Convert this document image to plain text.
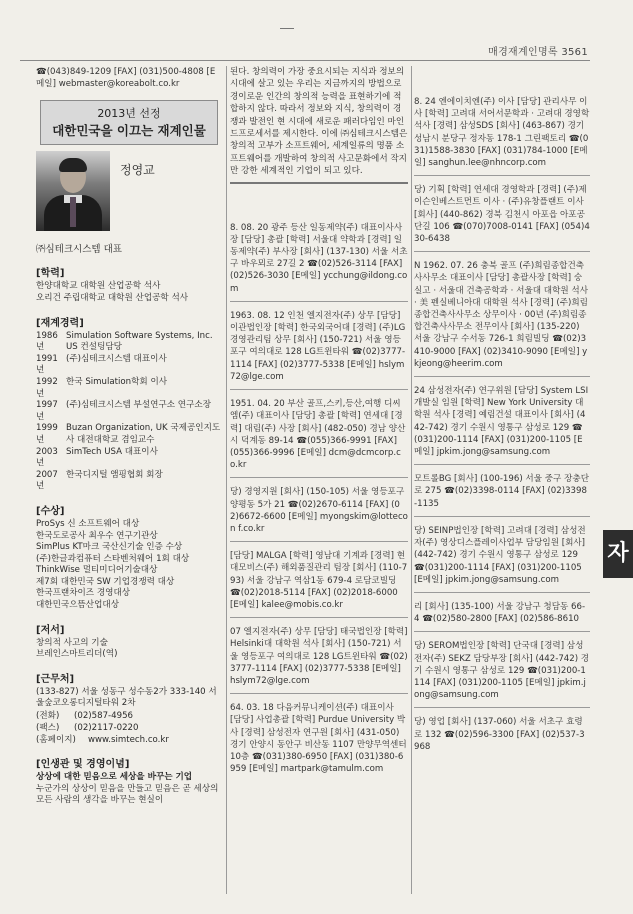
매경재계인명록 3561

☎(043)849-1209 [FAX] (031)500-4808 [E메일] webmaster@koreabolt.co.kr

2013년 선정
대한민국을 이끄는 재계인물
정영교
㈜심테크시스템 대표
[학력]

한양대학교 대학원 산업공학 석사

오리건 주립대학교 대학원 산업공학 석사

[재계경력]
1986년
Simulation Software Systems, Inc. US 컨설팅담당
1991년
(주)심테크시스템 대표이사
1992년
한국 Simulation학회 이사
1997년
(주)심테크시스템 부설연구소 연구소장
1999년
Buzan Organization, UK 국제공인지도사 대전대학교 겸임교수
2003년
SimTech USA 대표이사
2007년
한국디지털 앰핑협회 회장
[수상]

ProSys 신 소프트웨어 대상

한국도로공사 최우수 연구기관상

SimPlus KT마크 국산신기술 인증 수상

(주)한글과컴퓨터 스타벤처웨어 1회 대상

ThinkWise 멀티미디어기술대상

제7회 대한민국 SW 기업경쟁력 대상

한국프랜차이즈 경영대상

대한민국으뜸산업대상

[저서]

창의적 사고의 기술

브레인스마트리더(역)

[근무처]

(133-827) 서울 성동구 성수동2가 333-140 서울숲코오롱디지털타워 2차

(전화)	(02)587-4956
(팩스)	(02)2117-0220
(홈페이지)	www.simtech.co.kr
[인생관 및 경영이념]

상상에 대한 믿음으로 세상을 바꾸는 기업

누군가의 상상이 믿음을 만들고 믿음은 곧 세상의 모든 사람의 생각을 바꾸는 현실이

된다. 창의력이 가장 중요시되는 지식과 정보의 시대에 살고 있는 우리는 지금까지의 방법으로 경이로운 인간의 창의적 능력을 표현하기에 적합하지 않다. 따라서 정보와 지식, 창의력이 경쟁과 발전인 현 시대에 새로운 패러다임인 마인드프로세서를 제시한다. 이에 ㈜심테크시스템은 창의적 고부가 소프트웨어, 세계일류의 명품 소프트웨어를 개발하여 창의적 사고문화에서 작지만 강한 세계적인 기업이 되고 있다.

8. 08. 20 광주 등산 일동제약(주) 대표이사사장 [담당] 총괄 [학력] 서울대 약학과 [경력] 일동제약(주) 부사장 [회사] (137-130) 서울 서초구 바우뫼로 27길 2 ☎(02)526-3114 [FAX] (02)526-3030 [E메일] ycchung@ildong.com

1963. 08. 12 인천 엘지전자(주) 상무 [담당] 이관법인장 [학력] 한국외국어대 [경력] (주)LG경영관리팀 상무 [회사] (150-721) 서울 영등포구 여의대로 128 LG트윈타워 ☎(02)3777-1114 [FAX] (02)3777-5338 [E메일] hslym72@lge.com

1951. 04. 20 부산 골프,스키,등산,여행 디씨엠(주) 대표이사 [담당] 총괄 [학력] 연세대 [경력] 대림(주) 사장 [회사] (482-050) 경남 양산시 덕계동 89-14 ☎(055)366-9991 [FAX] (055)366-9996 [E메일] dcm@dcmcorp.co.kr

당) 경영지원 [회사] (150-105) 서울 영등포구 양평동 5가 21 ☎(02)2670-6114 [FAX] (02)6672-6600 [E메일] myongskim@lottecon f.co.kr

[담당] MALGA [학력] 영남대 기계과 [경력] 현대모비스(주) 해외품질관리 팀장 [회사] (110-793) 서울 강남구 역삼1동 679-4 로담코빌딩 ☎(02)2018-5114 [FAX] (02)2018-6000 [E메일] kalee@mobis.co.kr

07 엘지전자(주) 상무 [담당] 태국법인장 [학력] Helsinki대 대학원 석사 [회사] (150-721) 서울 영등포구 여의대로 128 LG트윈타워 ☎(02)3777-1114 [FAX] (02)3777-5338 [E메일] hslym72@lge.com

64. 03. 18 다음커뮤니케이션(주) 대표이사 [담당] 사업총괄 [학력] Purdue University 박사 [경력] 삼성전자 연구원 [회사] (431-050) 경기 안양시 동안구 비산동 1107 만양무역센터 10층 ☎(031)380-6950 [FAX] (031)380-6959 [E메일] martpark@tamulm.com

8. 24 엔에이치엔(주) 이사 [담당] 관리사무 이사 [학력] 고려대 서어서문학과 · 고려대 경영학 석사 [경력] 삼성SDS [회사] (463-867) 경기 성남시 분당구 정자동 178-1 그린팩토리 ☎(031)1588-3830 [FAX] (031)784-1000 [E메일] sanghun.lee@nhncorp.com

당) 기획 [학력] 연세대 경영학과 [경력] (주)제이슨인베스트먼트 이사 · (주)유창플랜트 이사 [회사] (440-862) 경북 김천시 아포읍 아포공단길 106 ☎(070)7008-0141 [FAX] (054)430-6438

N 1962. 07. 26 충북 골프 (주)희림종합건축사사무소 대표이사 [담당] 총괄사장 [학력] 숭실고 · 서울대 건축공학과 · 서울대 대학원 석사 · 美 펜실베니아대 대학원 석사 [경력] (주)희림종합건축사사무소 상무이사 · 00년 (주)희림종합건축사사무소 전무이사 [회사] (135-220) 서울 강남구 수서동 726-1 희림빌딩 ☎(02)3410-9000 [FAX] (02)3410-9090 [E메일] ykjeong@heerim.com

24 삼성전자(주) 연구위원 [담당] System LSI 개발실 임원 [학력] New York University 대학원 석사 [경력] 예림건설 대표이사 [회사] (442-742) 경기 수원시 영통구 삼성로 129 ☎(031)200-1114 [FAX] (031)200-1105 [E메일] jpkim.jong@samsung.com

모트롤BG [회사] (100-196) 서울 중구 장충단로 275 ☎(02)3398-0114 [FAX] (02)3398-1135

당) SEINP법인장 [학력] 고려대 [경력] 삼성전자(주) 영상디스플레이사업부 담당임원 [회사] (442-742) 경기 수원시 영통구 삼성로 129 ☎(031)200-1114 [FAX] (031)200-1105 [E메일] jpkim.jong@samsung.com

리 [회사] (135-100) 서울 강남구 청담동 66-4 ☎(02)580-2800 [FAX] (02)586-8610

당) SEROM법인장 [학력] 단국대 [경력] 삼성전자(주) SEKZ 담당부장 [회사] (442-742) 경기 수원시 영통구 삼성로 129 ☎(031)200-1114 [FAX] (031)200-1105 [E메일] jpkim.jong@samsung.com

당) 영업 [회사] (137-060) 서울 서초구 효령로 132 ☎(02)596-3300 [FAX] (02)537-3968

자
